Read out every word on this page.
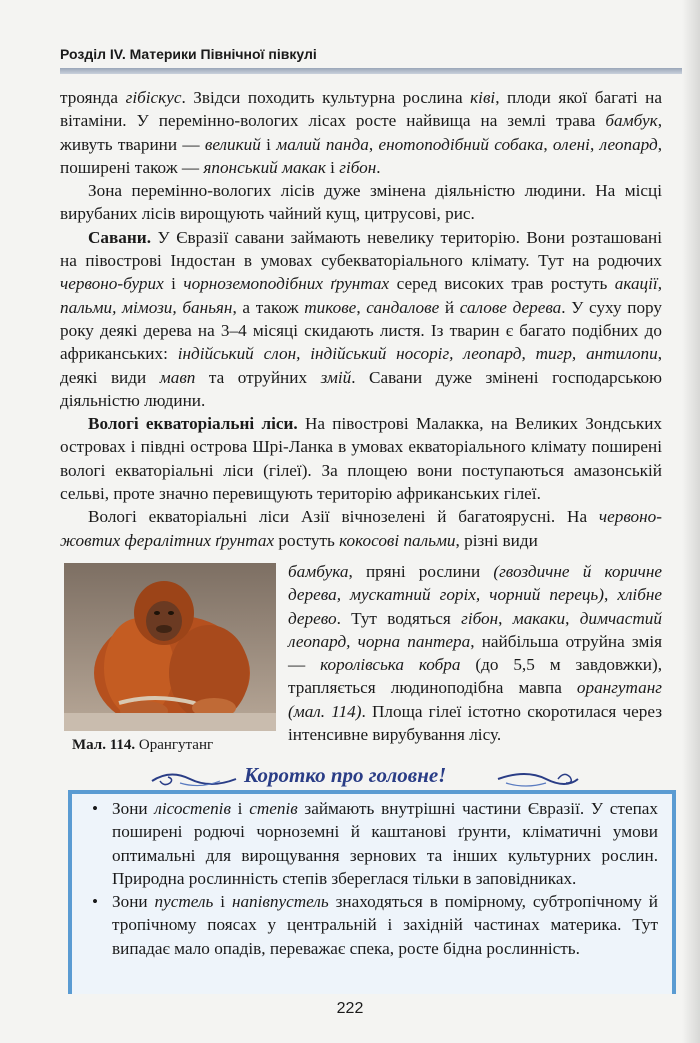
Розділ IV. Материки Північної півкулі

троянда гібіскус. Звідси походить культурна рослина ківі, плоди якої багаті на вітаміни. У перемінно-вологих лісах росте найвища на землі трава бамбук, живуть тварини — великий і малий панда, енотоподібний собака, олені, леопард, поширені також — японський макак і гібон.

Зона перемінно-вологих лісів дуже змінена діяльністю людини. На місці вирубаних лісів вирощують чайний кущ, цитрусові, рис.

Савани. У Євразії савани займають невелику територію. Вони розташовані на півострові Індостан в умовах субекваторіального клімату. Тут на родючих червоно-бурих і чорноземоподібних ґрунтах серед високих трав ростуть акації, пальми, мімози, баньян, а також тикове, сандалове й салове дерева. У суху пору року деякі дерева на 3–4 місяці скидають листя. Із тварин є багато подібних до африканських: індійський слон, індійський носоріг, леопард, тигр, антилопи, деякі види мавп та отруйних змій. Савани дуже змінені господарською діяльністю людини.

Вологі екваторіальні ліси. На півострові Малакка, на Великих Зондських островах і півдні острова Шрі-Ланка в умовах екваторіального клімату поширені вологі екваторіальні ліси (гілеї). За площею вони поступаються амазонській сельві, проте значно перевищують територію африканських гілеї.

Вологі екваторіальні ліси Азії вічнозелені й багатоярусні. На червоно-жовтих фералітних ґрунтах ростуть кокосові пальми, різні види

Мал. 114. Орангутанг

бамбука, пряні рослини (гвоздичне й коричне дерева, мускатний горіх, чорний перець), хлібне дерево. Тут водяться гібон, макаки, димчастий леопард, чорна пантера, найбільша отруйна змія — королівська кобра (до 5,5 м завдовжки), трапляється людиноподібна мавпа орангутанг (мал. 114). Площа гілеї істотно скоротилася через інтенсивне вирубування лісу.

Коротко про головне!
• Зони лісостепів і степів займають внутрішні частини Євразії. У степах поширені родючі чорноземні й каштанові ґрунти, кліматичні умови оптимальні для вирощування зернових та інших культурних рослин. Природна рослинність степів збереглася тільки в заповідниках.
• Зони пустель і напівпустель знаходяться в помірному, субтропічному й тропічному поясах у центральній і західній частинах материка. Тут випадає мало опадів, переважає спека, росте бідна рослинність.
222
